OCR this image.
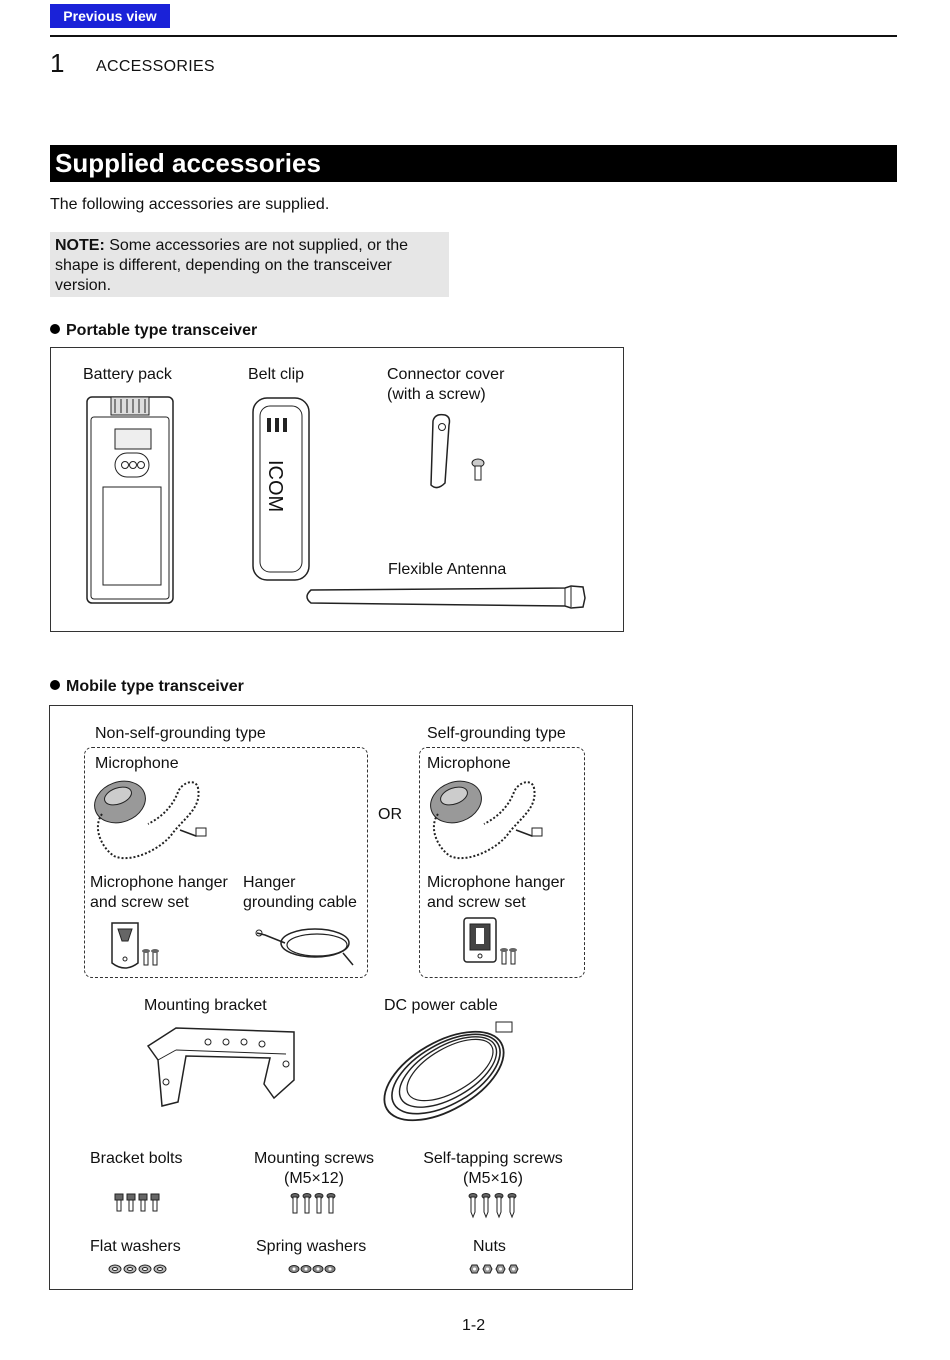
Previous view
1 ACCESSORIES
Supplied accessories
The following accessories are supplied.
NOTE: Some accessories are not supplied, or the shape is different, depending on the transceiver version.
Portable type transceiver
Battery pack	Belt clip	Connector cover
(with a screw)
Flexible Antenna
ICOM
Mobile type transceiver
Non-self-grounding type	Self-grounding type
Microphone	Microphone
OR
Microphone hanger
and screw set
Hanger
grounding cable
Microphone hanger
and screw set
Mounting bracket	DC power cable
Bracket bolts	Mounting screws
(M5×12)
Self-tapping screws
(M5×16)
Flat washers	Spring washers	Nuts
1-2
